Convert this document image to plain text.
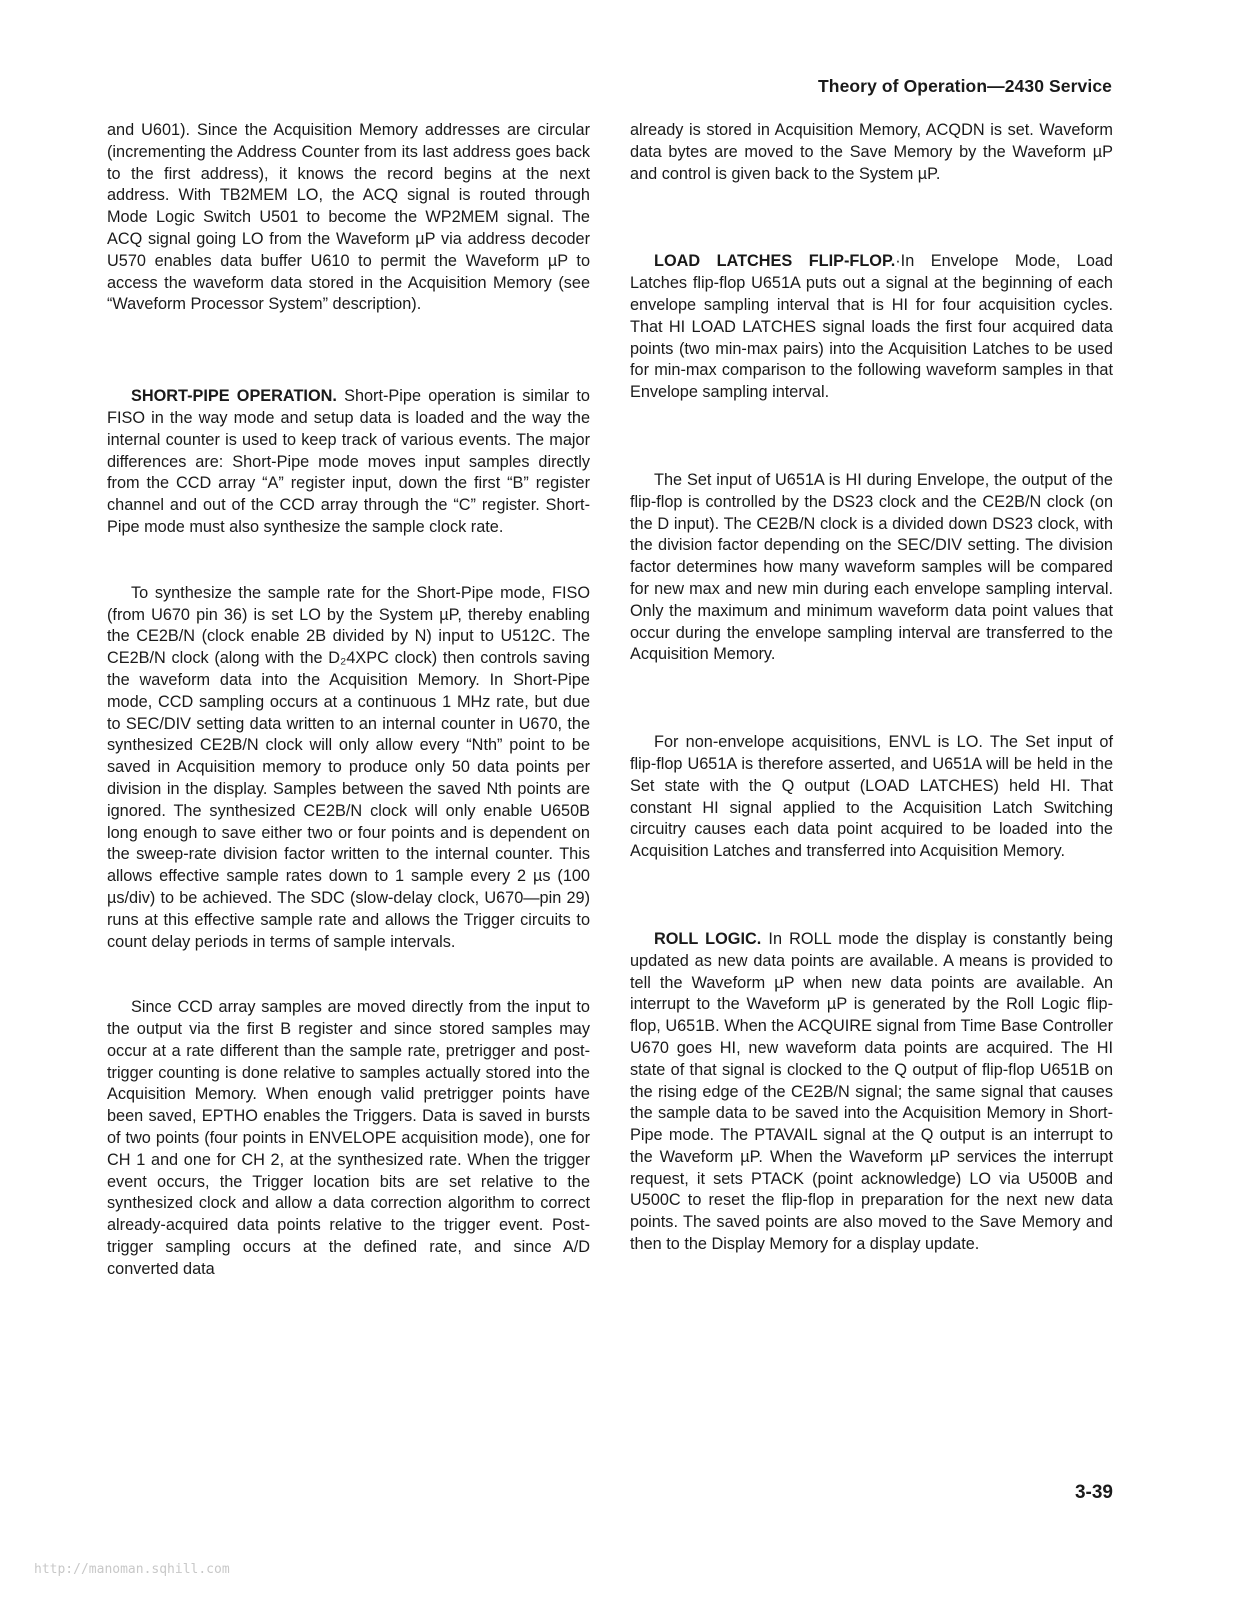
Theory of Operation—2430 Service

and U601). Since the Acquisition Memory addresses are circular (incrementing the Address Counter from its last address goes back to the first address), it knows the record begins at the next address. With TB2MEM LO, the ACQ signal is routed through Mode Logic Switch U501 to become the WP2MEM signal. The ACQ signal going LO from the Waveform µP via address decoder U570 enables data buffer U610 to permit the Waveform µP to access the waveform data stored in the Acquisition Memory (see “Waveform Processor System” description).

SHORT-PIPE OPERATION. Short-Pipe operation is similar to FISO in the way mode and setup data is loaded and the way the internal counter is used to keep track of various events. The major differences are: Short-Pipe mode moves input samples directly from the CCD array “A” register input, down the first “B” register channel and out of the CCD array through the “C” register. Short-Pipe mode must also synthesize the sample clock rate.

To synthesize the sample rate for the Short-Pipe mode, FISO (from U670 pin 36) is set LO by the System µP, thereby enabling the CE2B/N (clock enable 2B divided by N) input to U512C. The CE2B/N clock (along with the D₂4XPC clock) then controls saving the waveform data into the Acquisition Memory. In Short-Pipe mode, CCD sampling occurs at a continuous 1 MHz rate, but due to SEC/DIV setting data written to an internal counter in U670, the synthesized CE2B/N clock will only allow every “Nth” point to be saved in Acquisition memory to produce only 50 data points per division in the display. Samples between the saved Nth points are ignored. The synthesized CE2B/N clock will only enable U650B long enough to save either two or four points and is dependent on the sweep-rate division factor written to the internal counter. This allows effective sample rates down to 1 sample every 2 µs (100 µs/div) to be achieved. The SDC (slow-delay clock, U670—pin 29) runs at this effective sample rate and allows the Trigger circuits to count delay periods in terms of sample intervals.

Since CCD array samples are moved directly from the input to the output via the first B register and since stored samples may occur at a rate different than the sample rate, pretrigger and post-trigger counting is done relative to samples actually stored into the Acquisition Memory. When enough valid pretrigger points have been saved, EPTHO enables the Triggers. Data is saved in bursts of two points (four points in ENVELOPE acquisition mode), one for CH 1 and one for CH 2, at the synthesized rate. When the trigger event occurs, the Trigger location bits are set relative to the synthesized clock and allow a data correction algorithm to correct already-acquired data points relative to the trigger event. Post-trigger sampling occurs at the defined rate, and since A/D converted data

already is stored in Acquisition Memory, ACQDN is set. Waveform data bytes are moved to the Save Memory by the Waveform µP and control is given back to the System µP.

LOAD LATCHES FLIP-FLOP.·In Envelope Mode, Load Latches flip-flop U651A puts out a signal at the beginning of each envelope sampling interval that is HI for four acquisition cycles. That HI LOAD LATCHES signal loads the first four acquired data points (two min-max pairs) into the Acquisition Latches to be used for min-max comparison to the following waveform samples in that Envelope sampling interval.

The Set input of U651A is HI during Envelope, the output of the flip-flop is controlled by the DS23 clock and the CE2B/N clock (on the D input). The CE2B/N clock is a divided down DS23 clock, with the division factor depending on the SEC/DIV setting. The division factor determines how many waveform samples will be compared for new max and new min during each envelope sampling interval. Only the maximum and minimum waveform data point values that occur during the envelope sampling interval are transferred to the Acquisition Memory.

For non-envelope acquisitions, ENVL is LO. The Set input of flip-flop U651A is therefore asserted, and U651A will be held in the Set state with the Q output (LOAD LATCHES) held HI. That constant HI signal applied to the Acquisition Latch Switching circuitry causes each data point acquired to be loaded into the Acquisition Latches and transferred into Acquisition Memory.

ROLL LOGIC. In ROLL mode the display is constantly being updated as new data points are available. A means is provided to tell the Waveform µP when new data points are available. An interrupt to the Waveform µP is generated by the Roll Logic flip-flop, U651B. When the ACQUIRE signal from Time Base Controller U670 goes HI, new waveform data points are acquired. The HI state of that signal is clocked to the Q output of flip-flop U651B on the rising edge of the CE2B/N signal; the same signal that causes the sample data to be saved into the Acquisition Memory in Short-Pipe mode. The PTAVAIL signal at the Q output is an interrupt to the Waveform µP. When the Waveform µP services the interrupt request, it sets PTACK (point acknowledge) LO via U500B and U500C to reset the flip-flop in preparation for the next new data points. The saved points are also moved to the Save Memory and then to the Display Memory for a display update.

3-39
http://manoman.sqhill.com
